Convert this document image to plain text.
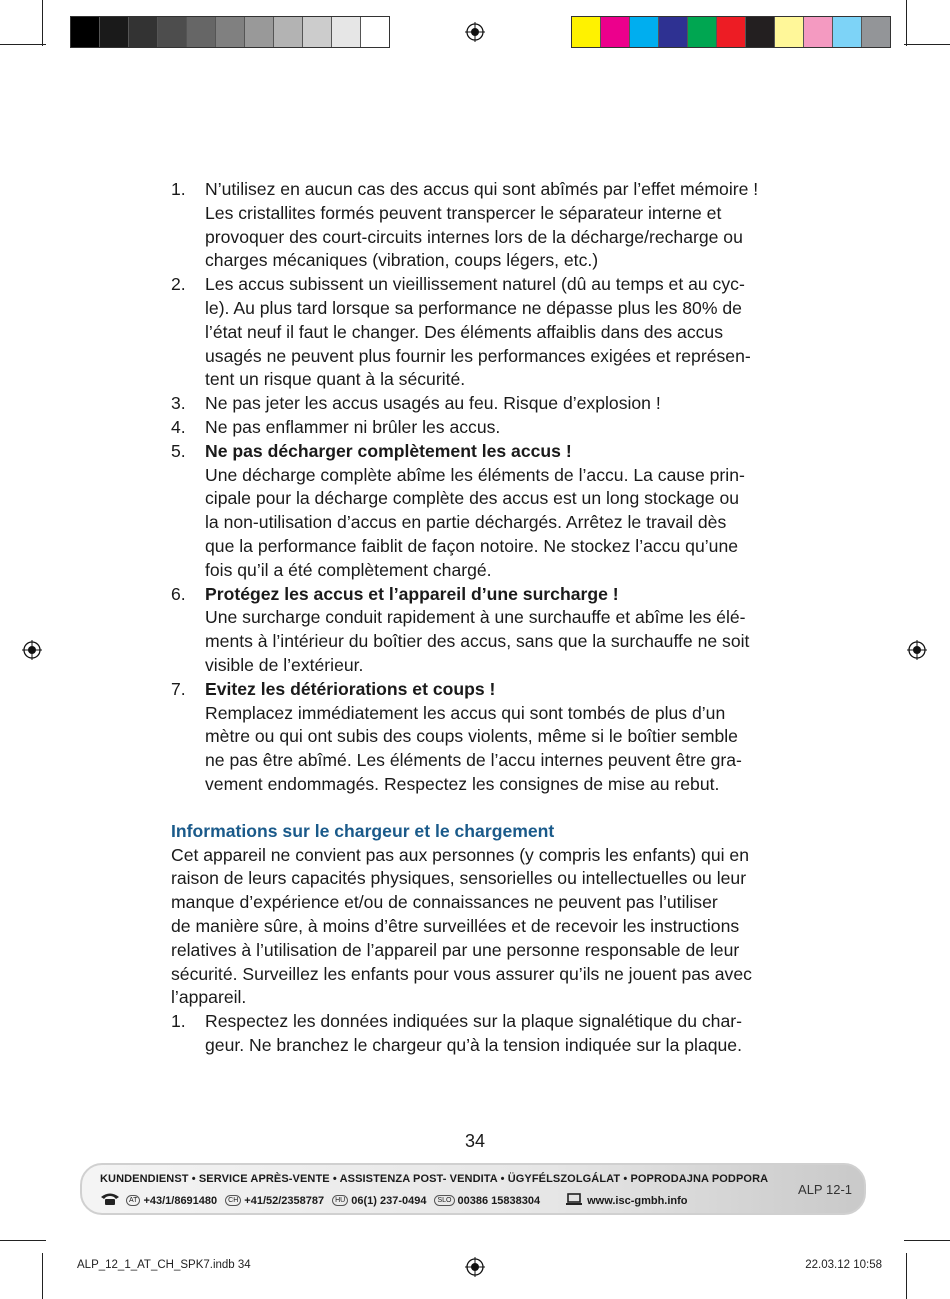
1. N’utilisez en aucun cas des accus qui sont abîmés par l’effet mémoire !

Les cristallites formés peuvent transpercer le séparateur interne et

provoquer des court-circuits internes lors de la décharge/recharge ou

charges mécaniques (vibration, coups légers, etc.)

2. Les accus subissent un vieillissement naturel (dû au temps et au cyc-

le). Au plus tard lorsque sa performance ne dépasse plus les 80% de

l’état neuf il faut le changer. Des éléments affaiblis dans des accus

usagés ne peuvent plus fournir les performances exigées et représen-

tent un risque quant à la sécurité.

3. Ne pas jeter les accus usagés au feu. Risque d’explosion !

4. Ne pas enflammer ni brûler les accus.

5. Ne pas décharger complètement les accus !

Une décharge complète abîme les éléments de l’accu. La cause prin-

cipale pour la décharge complète des accus est un long stockage ou

la non-utilisation d’accus en partie déchargés. Arrêtez le travail dès

que la performance faiblit de façon notoire. Ne stockez l’accu qu’une

fois qu’il a été complètement chargé.

6. Protégez les accus et l’appareil d’une surcharge !

Une surcharge conduit rapidement à une surchauffe et abîme les élé-

ments à l’intérieur du boîtier des accus, sans que la surchauffe ne soit

visible de l’extérieur.

7. Evitez les détériorations et coups !

Remplacez immédiatement les accus qui sont tombés de plus d’un

mètre ou qui ont subis des coups violents, même si le boîtier semble

ne pas être abîmé. Les éléments de l’accu internes peuvent être gra-

vement endommagés. Respectez les consignes de mise au rebut.

Informations sur le chargeur et le chargement

Cet appareil ne convient pas aux personnes (y compris les enfants) qui en

raison de leurs capacités physiques, sensorielles ou intellectuelles ou leur

manque d’expérience et/ou de connaissances ne peuvent pas l’utiliser

de manière sûre, à moins d’être surveillées et de recevoir les instructions

relatives à l’utilisation de l’appareil par une personne responsable de leur

sécurité. Surveillez les enfants pour vous assurer qu’ils ne jouent pas avec

l’appareil.

1. Respectez les données indiquées sur la plaque signalétique du char-

geur. Ne branchez le chargeur qu’à la tension indiquée sur la plaque.

34
KUNDENDIENST • SERVICE APRÈS-VENTE • ASSISTENZA POST- VENDITA • ÜGYFÉLSZOLGÁLAT • POPRODAJNA PODPORA
AT +43/1/8691480	CH +41/52/2358787	HU 06(1) 237-0494	SLO 00386 15838304	www.isc-gmbh.info
ALP 12-1
ALP_12_1_AT_CH_SPK7.indb 34	22.03.12 10:58
